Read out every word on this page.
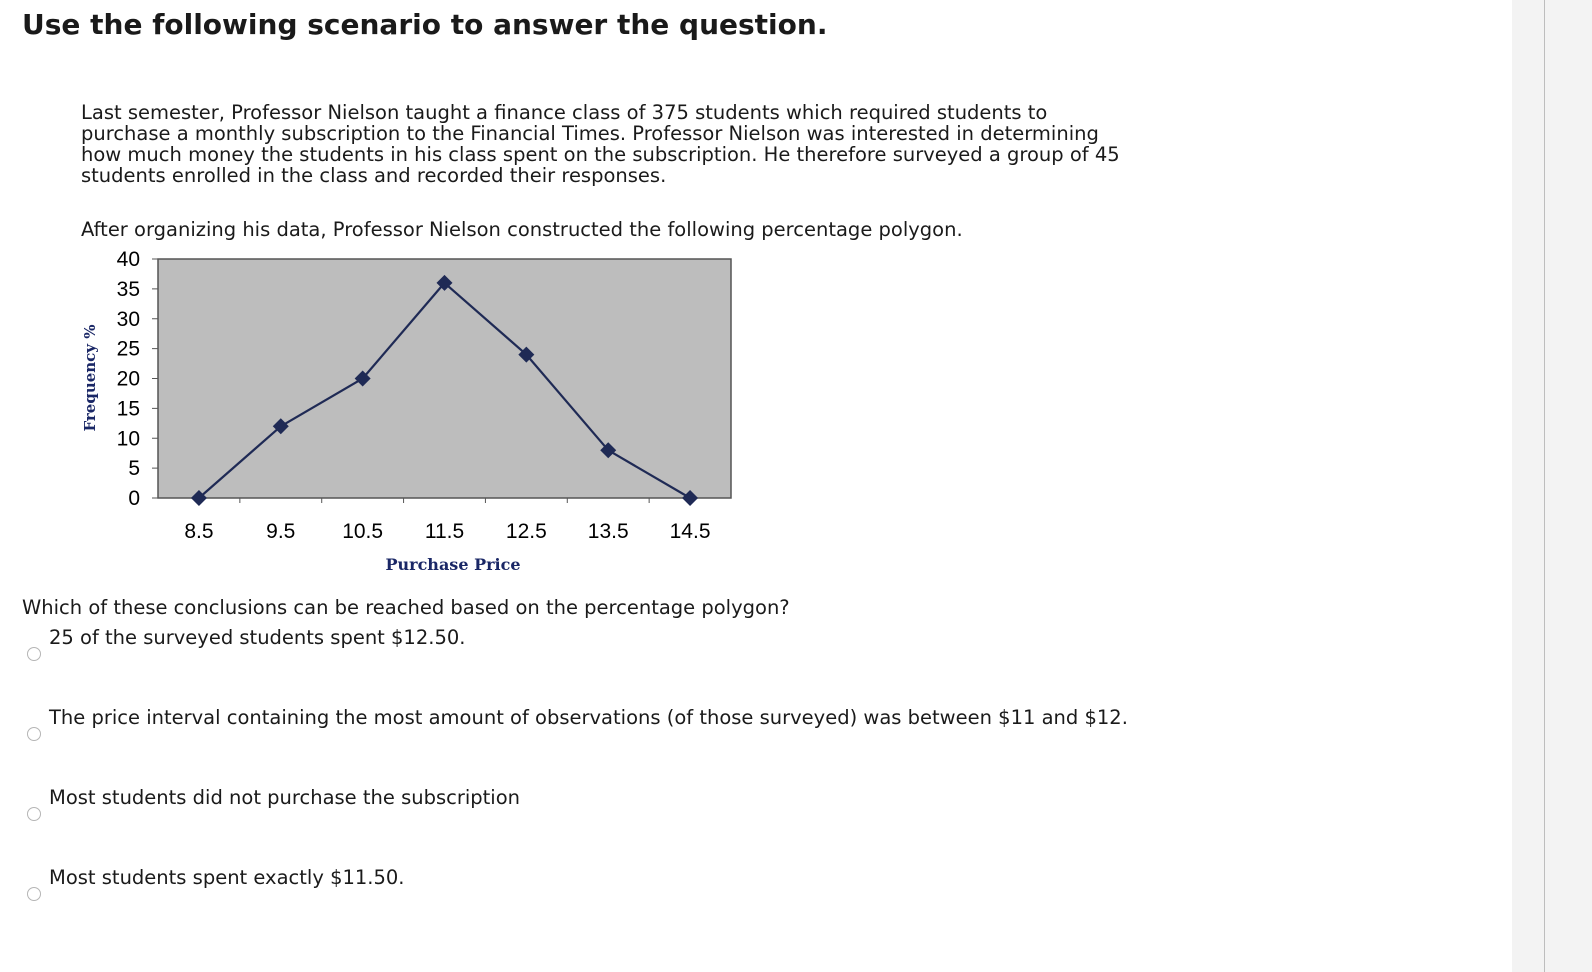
Use the following scenario to answer the question.

Last semester, Professor Nielson taught a finance class of 375 students which required students to purchase a monthly subscription to the Financial Times. Professor Nielson was interested in determining how much money the students in his class spent on the subscription. He therefore surveyed a group of 45 students enrolled in the class and recorded their responses.

After organizing his data, Professor Nielson constructed the following percentage polygon.

0
5
10
15
20
25
30
35
40
8.5	9.5 10.5 11.5 12.5 13.5 14.5
Frequency %
Purchase Price

Which of these conclusions can be reached based on the percentage polygon?

25 of the surveyed students spent $12.50.
The price interval containing the most amount of observations (of those surveyed) was between $11 and $12.
Most students did not purchase the subscription
Most students spent exactly $11.50.
